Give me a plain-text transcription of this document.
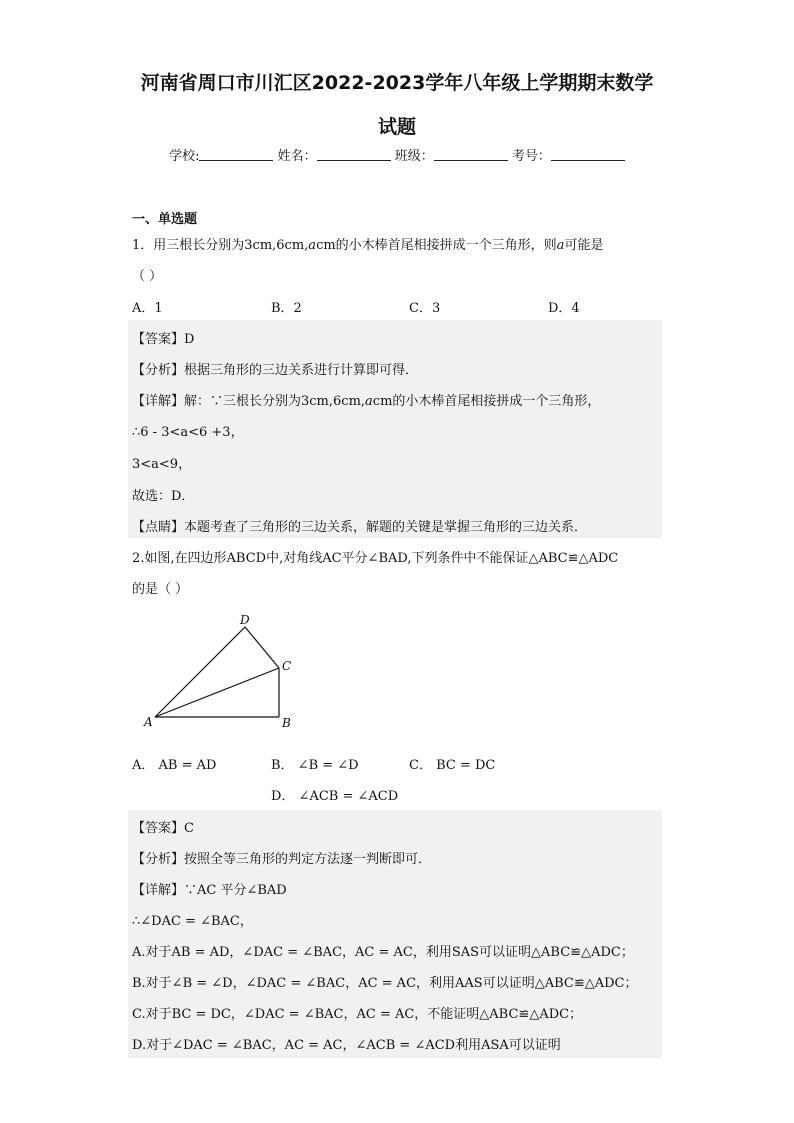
河南省周口市川汇区2022-2023学年八年级上学期期末数学
试题
学校:	姓名：	班级：	考号：
一、单选题
1．用三根长分别为3cm,6cm,acm的小木棒首尾相接拼成一个三角形，则a可能是
（ ）
A．1	B．2	C．3	D．4
【答案】D
【分析】根据三角形的三边关系进行计算即可得．
【详解】解：∵三根长分别为3cm,6cm,acm的小木棒首尾相接拼成一个三角形，
∴6 - 3<a<6 +3，
3<a<9，
故选：D．
【点睛】本题考查了三角形的三边关系，解题的关键是掌握三角形的三边关系．
2.如图,在四边形ABCD中,对角线AC平分∠BAD,下列条件中不能保证△ABC≌△ADC
的是（ ）
D
C
A	B
A． AB = AD	B． ∠B = ∠D	C． BC = DC
D． ∠ACB = ∠ACD
【答案】C
【分析】按照全等三角形的判定方法逐一判断即可．
【详解】∵AC 平分∠BAD
∴∠DAC = ∠BAC，
A.对于AB = AD，∠DAC = ∠BAC，AC = AC，利用SAS可以证明△ABC≌△ADC；
B.对于∠B = ∠D，∠DAC = ∠BAC，AC = AC，利用AAS可以证明△ABC≌△ADC；
C.对于BC = DC，∠DAC = ∠BAC，AC = AC，不能证明△ABC≌△ADC；
D.对于∠DAC = ∠BAC，AC = AC，∠ACB = ∠ACD利用ASA可以证明
